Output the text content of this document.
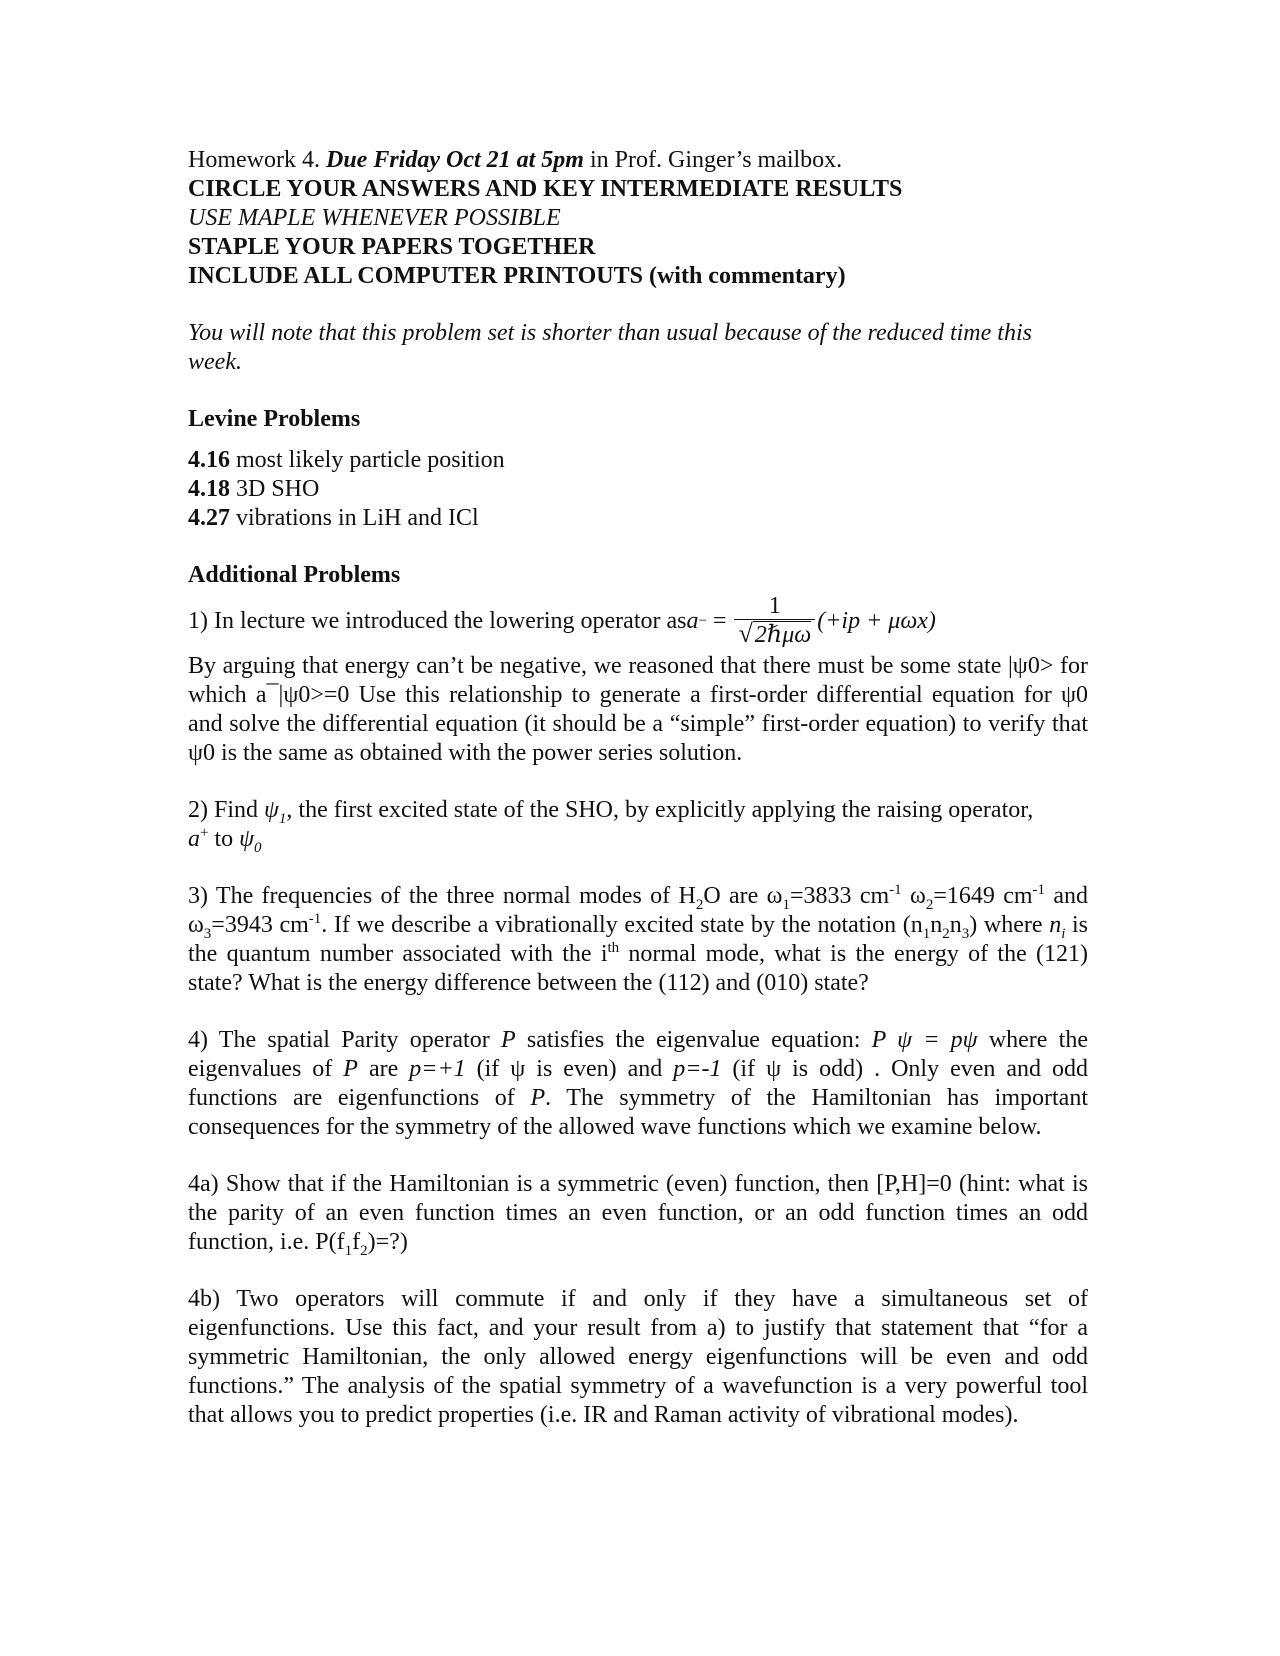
Homework 4. Due Friday Oct 21 at 5pm in Prof. Ginger’s mailbox.
CIRCLE YOUR ANSWERS AND KEY INTERMEDIATE RESULTS
USE MAPLE WHENEVER POSSIBLE
STAPLE YOUR PAPERS TOGETHER
INCLUDE ALL COMPUTER PRINTOUTS (with commentary)

You will note that this problem set is shorter than usual because of the reduced time this week.

Levine Problems
4.16 most likely particle position
4.18 3D SHO
4.27 vibrations in LiH and ICl
Additional Problems
1) In lecture we introduced the lowering operator as a − = $\frac{1}{\text{√2ℏμω}} (+ip + \mu\omega x)$

By arguing that energy can’t be negative, we reasoned that there must be some state |ψ0> for which a¯|ψ0>=0 Use this relationship to generate a first-order differential equation for ψ0 and solve the differential equation (it should be a “simple” first-order equation) to verify that ψ0 is the same as obtained with the power series solution.

2) Find $\psi_1$, the first excited state of the SHO, by explicitly applying the raising operator,
a+ to $\psi_0$

3) The frequencies of the three normal modes of $H_2O$ are $\omega_1=3833$ $cm^{-1}$ $\omega_2=1649$ $cm^{-1}$ and $\omega_3=3943$ $cm^{-1}$. If we describe a vibrationally excited state by the notation $(n_1n_2n_3)$ where $n_i$ is the quantum number associated with the $i^{th}$ normal mode, what is the energy of the (121) state? What is the energy difference between the (112) and (010) state?

4) The spatial Parity operator P satisfies the eigenvalue equation: P ψ = pψ where the eigenvalues of P are p=+1 (if ψ is even) and p=-1 (if ψ is odd) . Only even and odd functions are eigenfunctions of P. The symmetry of the Hamiltonian has important consequences for the symmetry of the allowed wave functions which we examine below.

4a) Show that if the Hamiltonian is a symmetric (even) function, then [P,H]=0 (hint: what is the parity of an even function times an even function, or an odd function times an odd function, i.e. $P(f_1f_2)=$?)

4b) Two operators will commute if and only if they have a simultaneous set of eigenfunctions. Use this fact, and your result from a) to justify that statement that “for a symmetric Hamiltonian, the only allowed energy eigenfunctions will be even and odd functions.” The analysis of the spatial symmetry of a wavefunction is a very powerful tool that allows you to predict properties (i.e. IR and Raman activity of vibrational modes).
